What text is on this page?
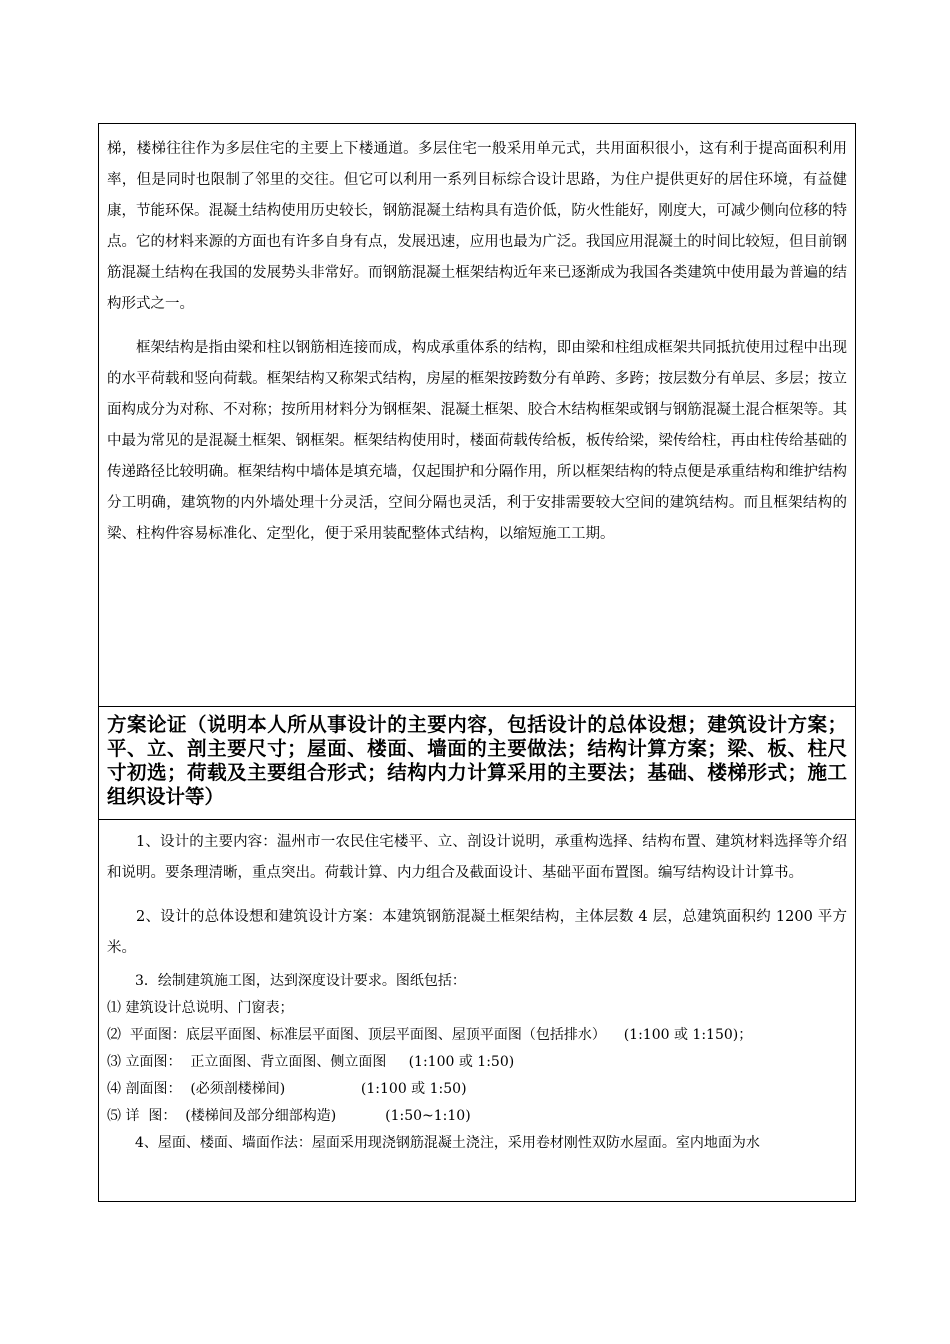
梯，楼梯往往作为多层住宅的主要上下楼通道。多层住宅一般采用单元式，共用面积很小，这有利于提高面积利用率，但是同时也限制了邻里的交往。但它可以利用一系列目标综合设计思路，为住户提供更好的居住环境，有益健康，节能环保。混凝土结构使用历史较长，钢筋混凝土结构具有造价低，防火性能好，刚度大，可减少侧向位移的特点。它的材料来源的方面也有许多自身有点，发展迅速，应用也最为广泛。我国应用混凝土的时间比较短，但目前钢筋混凝土结构在我国的发展势头非常好。而钢筋混凝土框架结构近年来已逐渐成为我国各类建筑中使用最为普遍的结构形式之一。

框架结构是指由梁和柱以钢筋相连接而成，构成承重体系的结构，即由梁和柱组成框架共同抵抗使用过程中出现的水平荷载和竖向荷载。框架结构又称架式结构，房屋的框架按跨数分有单跨、多跨；按层数分有单层、多层；按立面构成分为对称、不对称；按所用材料分为钢框架、混凝土框架、胶合木结构框架或钢与钢筋混凝土混合框架等。其中最为常见的是混凝土框架、钢框架。框架结构使用时，楼面荷载传给板，板传给梁，梁传给柱，再由柱传给基础的传递路径比较明确。框架结构中墙体是填充墙，仅起围护和分隔作用，所以框架结构的特点便是承重结构和维护结构分工明确，建筑物的内外墙处理十分灵活，空间分隔也灵活，利于安排需要较大空间的建筑结构。而且框架结构的梁、柱构件容易标准化、定型化，便于采用装配整体式结构，以缩短施工工期。

方案论证（说明本人所从事设计的主要内容，包括设计的总体设想；建筑设计方案；平、立、剖主要尺寸；屋面、楼面、墙面的主要做法；结构计算方案；梁、板、柱尺寸初选；荷载及主要组合形式；结构内力计算采用的主要法；基础、楼梯形式；施工组织设计等）

1、设计的主要内容：温州市一农民住宅楼平、立、剖设计说明，承重构选择、结构布置、建筑材料选择等介绍和说明。要条理清晰，重点突出。荷载计算、内力组合及截面设计、基础平面布置图。编写结构设计计算书。

2、设计的总体设想和建筑设计方案：本建筑钢筋混凝土框架结构，主体层数 4 层，总建筑面积约 1200 平方米。

3．绘制建筑施工图，达到深度设计要求。图纸包括：

⑴ 建筑设计总说明、门窗表；

⑵  平面图：底层平面图、标准层平面图、顶层平面图、屋顶平面图（包括排水）    (1:100 或 1:150)；

⑶ 立面图：  正立面图、背立面图、侧立面图     (1:100 或 1:50)

⑷ 剖面图：  (必须剖楼梯间)                 (1:100 或 1:50)

⑸ 详  图：  (楼梯间及部分细部构造)           (1:50~1:10)

4、屋面、楼面、墙面作法：屋面采用现浇钢筋混凝土浇注，采用卷材刚性双防水屋面。室内地面为水
